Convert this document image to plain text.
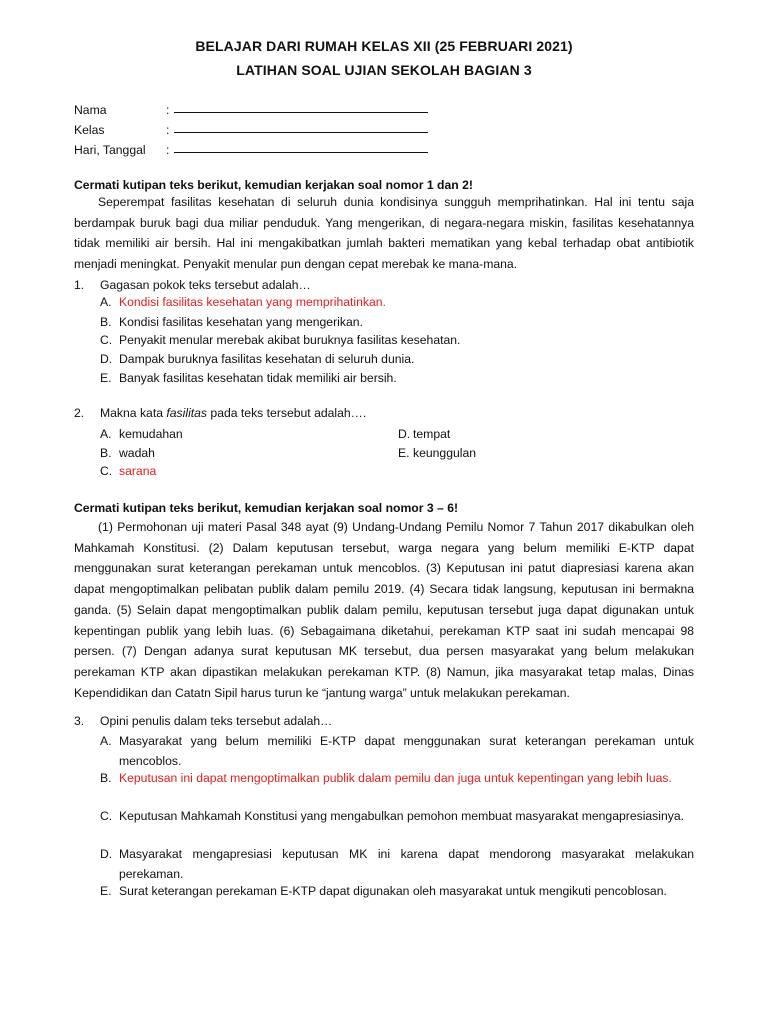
BELAJAR DARI RUMAH KELAS XII (25 FEBRUARI 2021)
LATIHAN SOAL UJIAN SEKOLAH BAGIAN 3
Nama	:
Kelas	:
Hari, Tanggal :
Cermati kutipan teks berikut, kemudian kerjakan soal nomor 1 dan 2!
Seperempat fasilitas kesehatan di seluruh dunia kondisinya sungguh memprihatinkan. Hal ini tentu saja berdampak buruk bagi dua miliar penduduk. Yang mengerikan, di negara-negara miskin, fasilitas kesehatannya tidak memiliki air bersih. Hal ini mengakibatkan jumlah bakteri mematikan yang kebal terhadap obat antibiotik menjadi meningkat. Penyakit menular pun dengan cepat merebak ke mana-mana.
1. Gagasan pokok teks tersebut adalah…
A. Kondisi fasilitas kesehatan yang memprihatinkan.
B. Kondisi fasilitas kesehatan yang mengerikan.
C. Penyakit menular merebak akibat buruknya fasilitas kesehatan.
D. Dampak buruknya fasilitas kesehatan di seluruh dunia.
E. Banyak fasilitas kesehatan tidak memiliki air bersih.
2. Makna kata fasilitas pada teks tersebut adalah….
A. kemudahan
B. wadah
C. sarana
D. tempat
E. keunggulan
Cermati kutipan teks berikut, kemudian kerjakan soal nomor 3 – 6!
(1) Permohonan uji materi Pasal 348 ayat (9) Undang-Undang Pemilu Nomor 7 Tahun 2017 dikabulkan oleh Mahkamah Konstitusi. (2) Dalam keputusan tersebut, warga negara yang belum memiliki E-KTP dapat menggunakan surat keterangan perekaman untuk mencoblos. (3) Keputusan ini patut diapresiasi karena akan dapat mengoptimalkan pelibatan publik dalam pemilu 2019. (4) Secara tidak langsung, keputusan ini bermakna ganda. (5) Selain dapat mengoptimalkan publik dalam pemilu, keputusan tersebut juga dapat digunakan untuk kepentingan publik yang lebih luas. (6) Sebagaimana diketahui, perekaman KTP saat ini sudah mencapai 98 persen. (7) Dengan adanya surat keputusan MK tersebut, dua persen masyarakat yang belum melakukan perekaman KTP akan dipastikan melakukan perekaman KTP. (8) Namun, jika masyarakat tetap malas, Dinas Kependidikan dan Catatn Sipil harus turun ke “jantung warga” untuk melakukan perekaman.
3. Opini penulis dalam teks tersebut adalah…
A. Masyarakat yang belum memiliki E-KTP dapat menggunakan surat keterangan perekaman untuk mencoblos.
B. Keputusan ini dapat mengoptimalkan publik dalam pemilu dan juga untuk kepentingan yang lebih luas.
C. Keputusan Mahkamah Konstitusi yang mengabulkan pemohon membuat masyarakat mengapresiasinya.
D. Masyarakat mengapresiasi keputusan MK ini karena dapat mendorong masyarakat melakukan perekaman.
E. Surat keterangan perekaman E-KTP dapat digunakan oleh masyarakat untuk mengikuti pencoblosan.
